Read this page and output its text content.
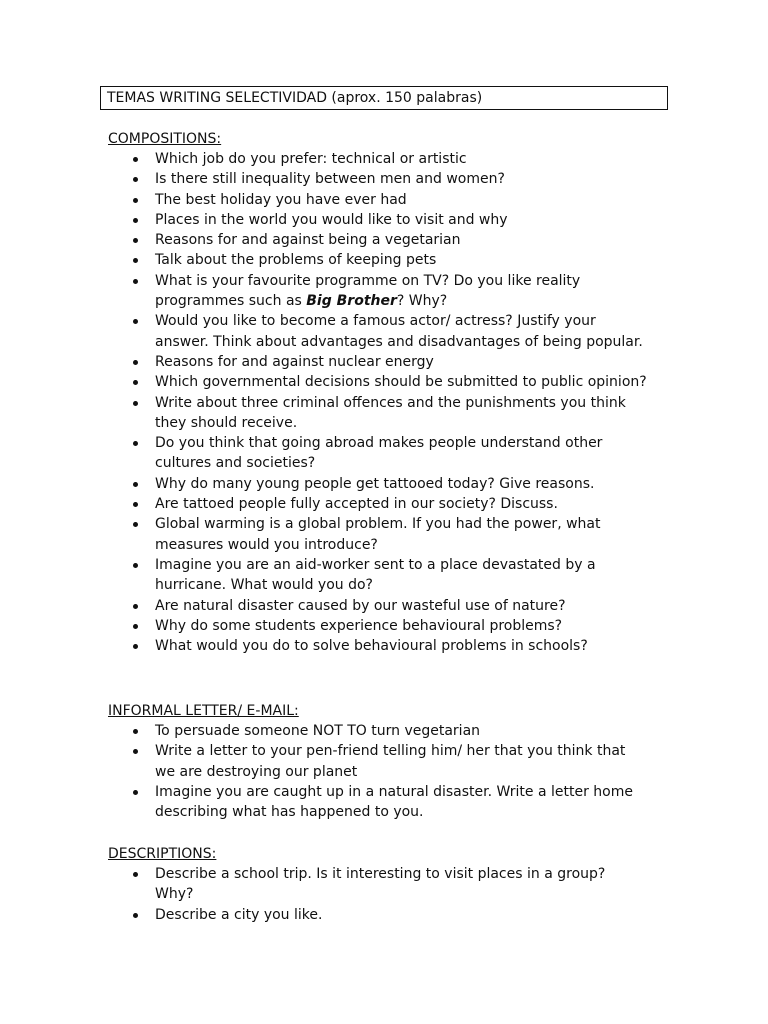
TEMAS WRITING SELECTIVIDAD (aprox. 150 palabras)

COMPOSITIONS:

Which job do you prefer: technical or artistic
Is there still inequality between men and women?
The best holiday you have ever had
Places in the world you would like to visit and why
Reasons for and against being a vegetarian
Talk about the problems of keeping pets
What is your favourite programme on TV? Do you like reality
programmes such as Big Brother? Why?
Would you like to become a famous actor/ actress? Justify your
answer. Think about advantages and disadvantages of being popular.
Reasons for and against nuclear energy
Which governmental decisions should be submitted to public opinion?
Write about three criminal offences and the punishments you think
they should receive.
Do you think that going abroad makes people understand other
cultures and societies?
Why do many young people get tattooed today? Give reasons.
Are tattoed people fully accepted in our society? Discuss.
Global warming is a global problem. If you had the power, what
measures would you introduce?
Imagine you are an aid-worker sent to a place devastated by a
hurricane. What would you do?
Are natural disaster caused by our wasteful use of nature?
Why do some students experience behavioural problems?
What would you do to solve behavioural problems in schools?

INFORMAL LETTER/ E-MAIL:

To persuade someone NOT TO turn vegetarian
Write a letter to your pen-friend telling him/ her that you think that
we are destroying our planet
Imagine you are caught up in a natural disaster. Write a letter home
describing what has happened to you.

DESCRIPTIONS:

Describe a school trip. Is it interesting to visit places in a group?
Why?
Describe a city you like.
